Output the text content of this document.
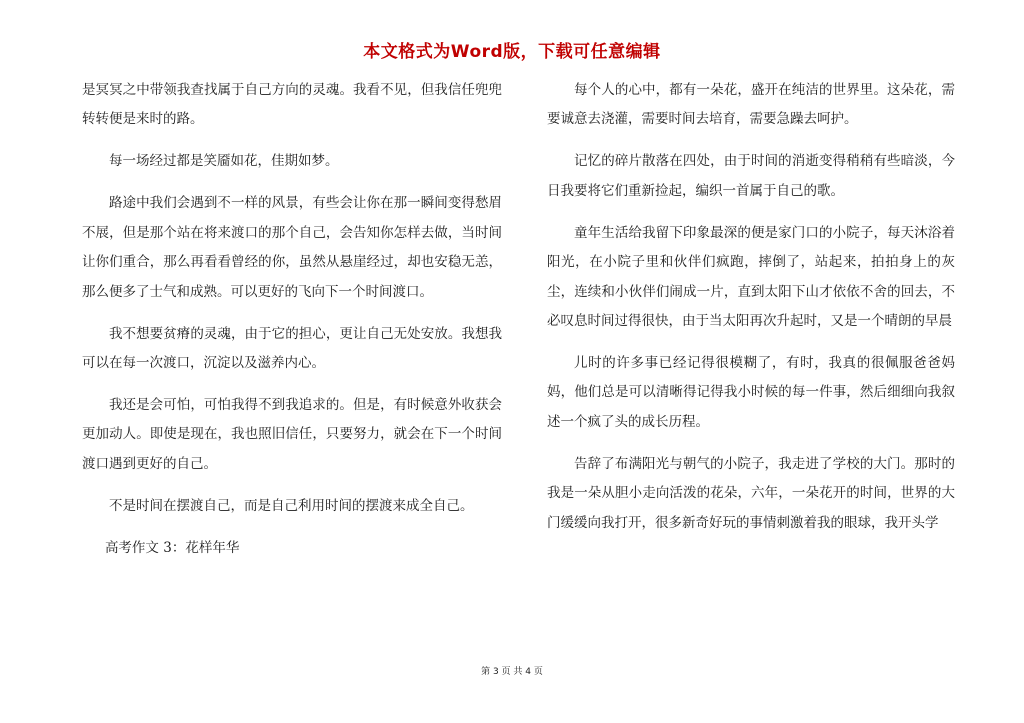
本文格式为Word版，下载可任意编辑

是冥冥之中带领我查找属于自己方向的灵魂。我看不见，但我信任兜兜转转便是来时的路。

每一场经过都是笑靥如花，佳期如梦。

路途中我们会遇到不一样的风景，有些会让你在那一瞬间变得愁眉不展，但是那个站在将来渡口的那个自己，会告知你怎样去做，当时间让你们重合，那么再看看曾经的你，虽然从悬崖经过，却也安稳无恙，那么便多了士气和成熟。可以更好的飞向下一个时间渡口。

我不想要贫瘠的灵魂，由于它的担心，更让自己无处安放。我想我可以在每一次渡口，沉淀以及滋养内心。

我还是会可怕，可怕我得不到我追求的。但是，有时候意外收获会更加动人。即使是现在，我也照旧信任，只要努力，就会在下一个时间渡口遇到更好的自己。

不是时间在摆渡自己，而是自己利用时间的摆渡来成全自己。

高考作文 3：花样年华

每个人的心中，都有一朵花，盛开在纯洁的世界里。这朵花，需要诚意去浇灌，需要时间去培育，需要急躁去呵护。

记忆的碎片散落在四处，由于时间的消逝变得稍稍有些暗淡，今日我要将它们重新捡起，编织一首属于自己的歌。

童年生活给我留下印象最深的便是家门口的小院子，每天沐浴着阳光，在小院子里和伙伴们疯跑，摔倒了，站起来，拍拍身上的灰尘，连续和小伙伴们闹成一片，直到太阳下山才依依不舍的回去，不必叹息时间过得很快，由于当太阳再次升起时，又是一个晴朗的早晨

儿时的许多事已经记得很模糊了，有时，我真的很佩服爸爸妈妈，他们总是可以清晰得记得我小时候的每一件事，然后细细向我叙述一个疯了头的成长历程。

告辞了布满阳光与朝气的小院子，我走进了学校的大门。那时的我是一朵从胆小走向活泼的花朵，六年，一朵花开的时间，世界的大门缓缓向我打开，很多新奇好玩的事情刺激着我的眼球，我开头学

第 3 页 共 4 页
